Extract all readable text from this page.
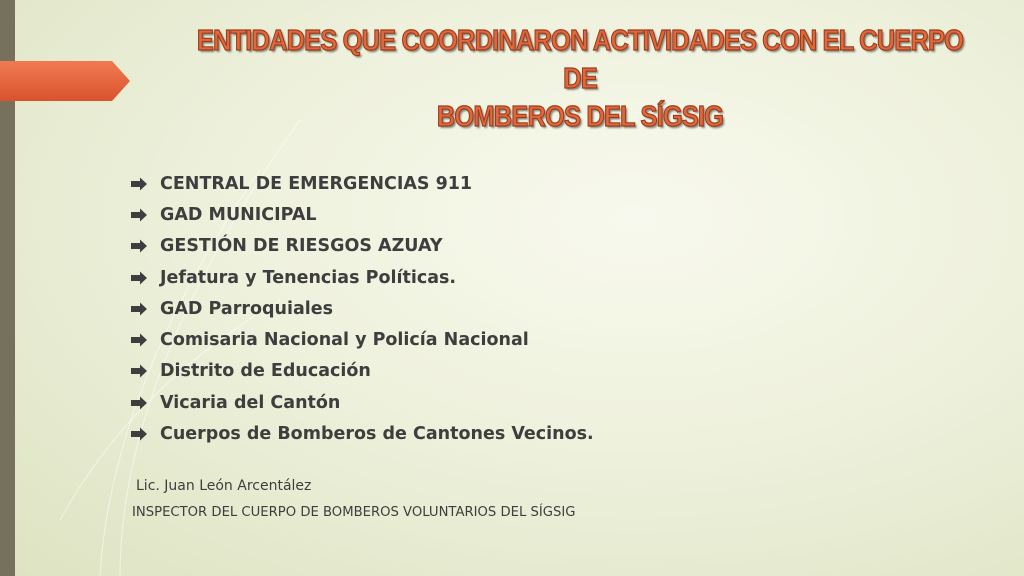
ENTIDADES QUE COORDINARON ACTIVIDADES CON EL CUERPO DE
BOMBEROS DEL SÍGSIG
CENTRAL DE EMERGENCIAS 911
GAD MUNICIPAL
GESTIÓN DE RIESGOS AZUAY
Jefatura y Tenencias Políticas.
GAD Parroquiales
Comisaria Nacional y Policía Nacional
Distrito de Educación
Vicaria del Cantón
Cuerpos de Bomberos de Cantones Vecinos.

Lic. Juan León Arcentález

INSPECTOR DEL CUERPO DE BOMBEROS VOLUNTARIOS DEL SÍGSIG
